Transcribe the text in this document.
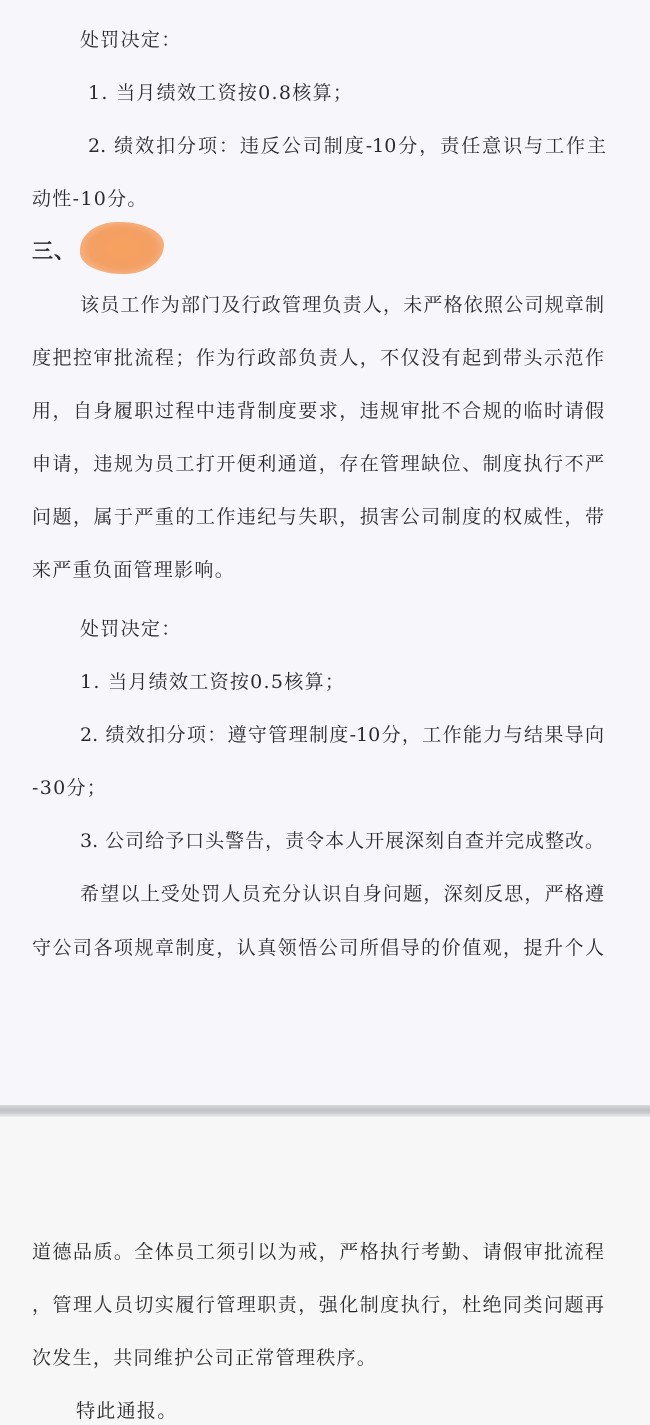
处罚决定：
1. 当月绩效工资按0.8核算；
2. 绩效扣分项：违反公司制度-10分，责任意识与工作主
动性-10分。
三、
该员工作为部门及行政管理负责人，未严格依照公司规章制
度把控审批流程；作为行政部负责人，不仅没有起到带头示范作
用，自身履职过程中违背制度要求，违规审批不合规的临时请假
申请，违规为员工打开便利通道，存在管理缺位、制度执行不严
问题，属于严重的工作违纪与失职，损害公司制度的权威性，带
来严重负面管理影响。
处罚决定：
1. 当月绩效工资按0.5核算；
2. 绩效扣分项：遵守管理制度-10分，工作能力与结果导向
-30分；
3. 公司给予口头警告，责令本人开展深刻自查并完成整改。
希望以上受处罚人员充分认识自身问题，深刻反思，严格遵
守公司各项规章制度，认真领悟公司所倡导的价值观，提升个人
道德品质。全体员工须引以为戒，严格执行考勤、请假审批流程
，管理人员切实履行管理职责，强化制度执行，杜绝同类问题再
次发生，共同维护公司正常管理秩序。
特此通报。
